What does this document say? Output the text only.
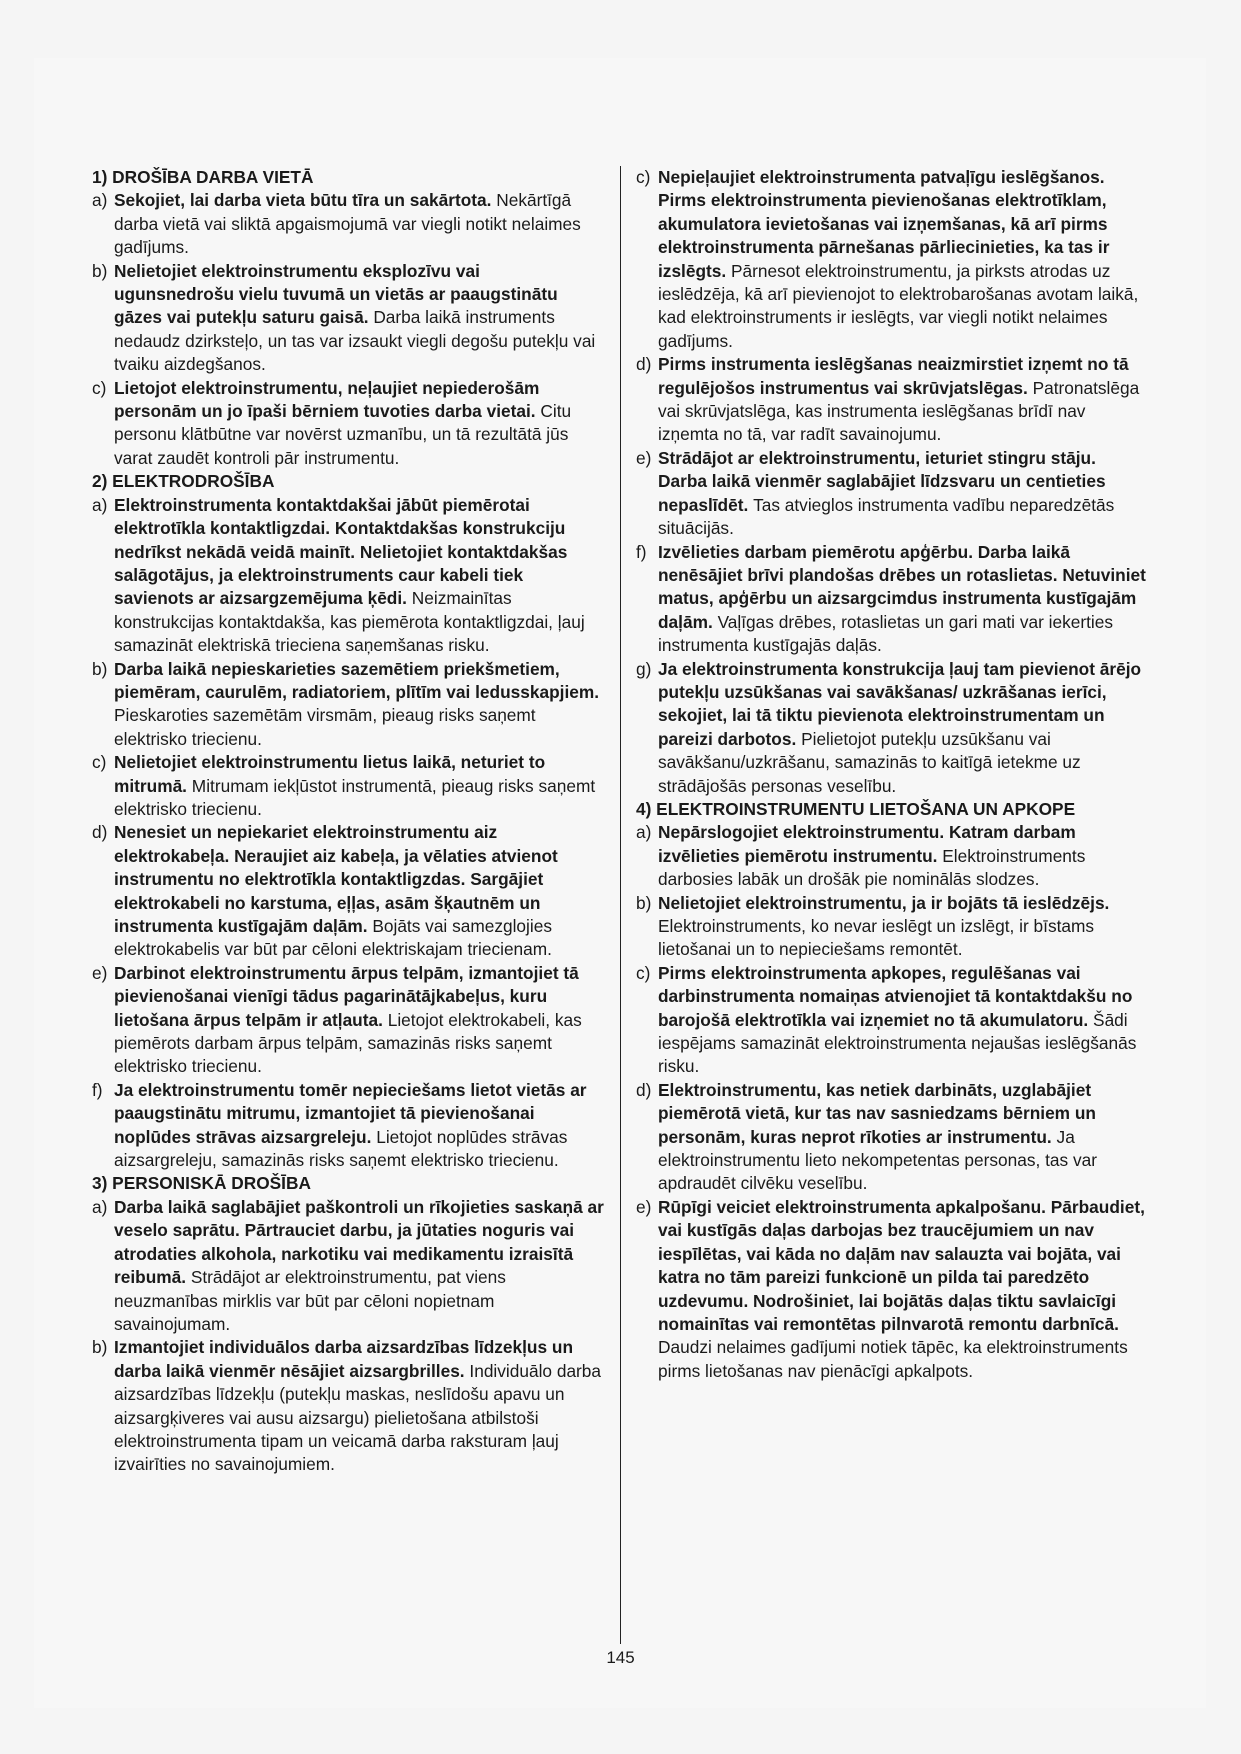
1) DROŠĪBA DARBA VIETĀ
a) Sekojiet, lai darba vieta būtu tīra un sakārtota. Nekārtīgā darba vietā vai sliktā apgaismojumā var viegli notikt nelaimes gadījums.
b) Nelietojiet elektroinstrumentu eksplozīvu vai ugunsnedrošu vielu tuvumā un vietās ar paaugstinātu gāzes vai putekļu saturu gaisā. Darba laikā instruments nedaudz dzirksteļo, un tas var izsaukt viegli degošu putekļu vai tvaiku aizdegšanos.
c) Lietojot elektroinstrumentu, neļaujiet nepiederošām personām un jo īpaši bērniem tuvoties darba vietai. Citu personu klātbūtne var novērst uzmanību, un tā rezultātā jūs varat zaudēt kontroli pār instrumentu.
2) ELEKTRODROŠĪBA
a) Elektroinstrumenta kontaktdakšai jābūt piemērotai elektrotīkla kontaktligzdai. Kontaktdakšas konstrukciju nedrīkst nekādā veidā mainīt. Nelietojiet kontaktdakšas salāgotājus, ja elektroinstruments caur kabeli tiek savienots ar aizsargzemējuma ķēdi. Neizmainītas konstrukcijas kontaktdakša, kas piemērota kontaktligzdai, ļauj samazināt elektriskā trieciena saņemšanas risku.
b) Darba laikā nepieskarieties sazemētiem priekšmetiem, piemēram, caurulēm, radiatoriem, plītīm vai ledusskapjiem. Pieskaroties sazemētām virsmām, pieaug risks saņemt elektrisko triecienu.
c) Nelietojiet elektroinstrumentu lietus laikā, neturiet to mitrumā. Mitrumam iekļūstot instrumentā, pieaug risks saņemt elektrisko triecienu.
d) Nenesiet un nepiekariet elektroinstrumentu aiz elektrokabeļa. Neraujiet aiz kabeļa, ja vēlaties atvienot instrumentu no elektrotīkla kontaktligzdas. Sargājiet elektrokabeli no karstuma, eļļas, asām šķautnēm un instrumenta kustīgajām daļām. Bojāts vai samezglojies elektrokabelis var būt par cēloni elektriskajam triecienam.
e) Darbinot elektroinstrumentu ārpus telpām, izmantojiet tā pievienošanai vienīgi tādus pagarinātājkabeļus, kuru lietošana ārpus telpām ir atļauta. Lietojot elektrokabeli, kas piemērots darbam ārpus telpām, samazinās risks saņemt elektrisko triecienu.
f) Ja elektroinstrumentu tomēr nepieciešams lietot vietās ar paaugstinātu mitrumu, izmantojiet tā pievienošanai noplūdes strāvas aizsargreleju. Lietojot noplūdes strāvas aizsargreleju, samazinās risks saņemt elektrisko triecienu.
3) PERSONISKĀ DROŠĪBA
a) Darba laikā saglabājiet paškontroli un rīkojieties saskaņā ar veselo saprātu. Pārtrauciet darbu, ja jūtaties noguris vai atrodaties alkohola, narkotiku vai medikamentu izraisītā reibumā. Strādājot ar elektroinstrumentu, pat viens neuzmanības mirklis var būt par cēloni nopietnam savainojumam.
b) Izmantojiet individuālos darba aizsardzības līdzekļus un darba laikā vienmēr nēsājiet aizsargbrilles. Individuālo darba aizsardzības līdzekļu (putekļu maskas, neslīdošu apavu un aizsargķiveres vai ausu aizsargu) pielietošana atbilstoši elektroinstrumenta tipam un veicamā darba raksturam ļauj izvairīties no savainojumiem.
c) Nepieļaujiet elektroinstrumenta patvaļīgu ieslēgšanos. Pirms elektroinstrumenta pievienošanas elektrotīklam, akumulatora ievietošanas vai izņemšanas, kā arī pirms elektroinstrumenta pārnešanas pārliecinieties, ka tas ir izslēgts. Pārnesot elektroinstrumentu, ja pirksts atrodas uz ieslēdzēja, kā arī pievienojot to elektrobarošanas avotam laikā, kad elektroinstruments ir ieslēgts, var viegli notikt nelaimes gadījums.
d) Pirms instrumenta ieslēgšanas neaizmirstiet izņemt no tā regulējošos instrumentus vai skrūvjatslēgas. Patronatslēga vai skrūvjatslēga, kas instrumenta ieslēgšanas brīdī nav izņemta no tā, var radīt savainojumu.
e) Strādājot ar elektroinstrumentu, ieturiet stingru stāju. Darba laikā vienmēr saglabājiet līdzsvaru un centieties nepaslīdēt. Tas atvieglos instrumenta vadību neparedzētās situācijās.
f) Izvēlieties darbam piemērotu apģērbu. Darba laikā nenēsājiet brīvi plandošas drēbes un rotaslietas. Netuviniet matus, apģērbu un aizsargcimdus instrumenta kustīgajām daļām. Vaļīgas drēbes, rotaslietas un gari mati var iekerties instrumenta kustīgajās daļās.
g) Ja elektroinstrumenta konstrukcija ļauj tam pievienot ārējo putekļu uzsūkšanas vai savākšanas/ uzkrāšanas ierīci, sekojiet, lai tā tiktu pievienota elektroinstrumentam un pareizi darbotos. Pielietojot putekļu uzsūkšanu vai savākšanu/uzkrāšanu, samazinās to kaitīgā ietekme uz strādājošās personas veselību.
4) ELEKTROINSTRUMENTU LIETOŠANA UN APKOPE
a) Nepārslogojiet elektroinstrumentu. Katram darbam izvēlieties piemērotu instrumentu. Elektroinstruments darbosies labāk un drošāk pie nominālās slodzes.
b) Nelietojiet elektroinstrumentu, ja ir bojāts tā ieslēdzējs. Elektroinstruments, ko nevar ieslēgt un izslēgt, ir bīstams lietošanai un to nepieciešams remontēt.
c) Pirms elektroinstrumenta apkopes, regulēšanas vai darbinstrumenta nomaiņas atvienojiet tā kontaktdakšu no barojošā elektrotīkla vai izņemiet no tā akumulatoru. Šādi iespējams samazināt elektroinstrumenta nejaušas ieslēgšanās risku.
d) Elektroinstrumentu, kas netiek darbināts, uzglabājiet piemērotā vietā, kur tas nav sasniedzams bērniem un personām, kuras neprot rīkoties ar instrumentu. Ja elektroinstrumentu lieto nekompetentas personas, tas var apdraudēt cilvēku veselību.
e) Rūpīgi veiciet elektroinstrumenta apkalpošanu. Pārbaudiet, vai kustīgās daļas darbojas bez traucējumiem un nav iespīlētas, vai kāda no daļām nav salauzta vai bojāta, vai katra no tām pareizi funkcionē un pilda tai paredzēto uzdevumu. Nodrošiniet, lai bojātās daļas tiktu savlaicīgi nomainītas vai remontētas pilnvarotā remontu darbnīcā. Daudzi nelaimes gadījumi notiek tāpēc, ka elektroinstruments pirms lietošanas nav pienācīgi apkalpots.
145
